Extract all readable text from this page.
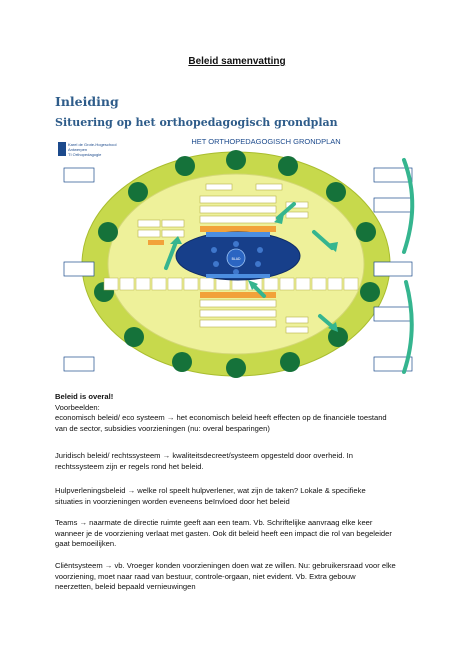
Beleid samenvatting
Inleiding
Situering op het orthopedagogisch grondplan
Karel de Grote-Hogeschool
Antwerpen
TI Orthopedagogie
HET ORTHOPEDAGOGISCH GRONDPLAN
BLAD

Beleid is overal!

Voorbeelden:

economisch beleid/ eco systeem → het economisch beleid heeft effecten op de financiële toestand

van de sector, subsidies voorzieningen (nu: overal besparingen)

Juridisch beleid/ rechtssysteem → kwaliteitsdecreet/systeem opgesteld door overheid. In

rechtssysteem zijn er regels rond het beleid.

Hulpverleningsbeleid → welke rol speelt hulpverlener, wat zijn de taken? Lokale & specifieke

situaties in voorzieningen worden eveneens beïnvloed door het beleid

Teams → naarmate de directie ruimte geeft aan een team. Vb. Schriftelijke aanvraag elke keer

wanneer je de voorziening verlaat met gasten. Ook dit beleid heeft een impact die rol van begeleider

gaat bemoeilijken.

Cliëntsysteem → vb. Vroeger konden voorzieningen doen wat ze willen. Nu: gebruikersraad voor elke

voorziening, moet naar raad van bestuur, controle-orgaan, niet evident. Vb. Extra gebouw

neerzetten, beleid bepaald vernieuwingen
